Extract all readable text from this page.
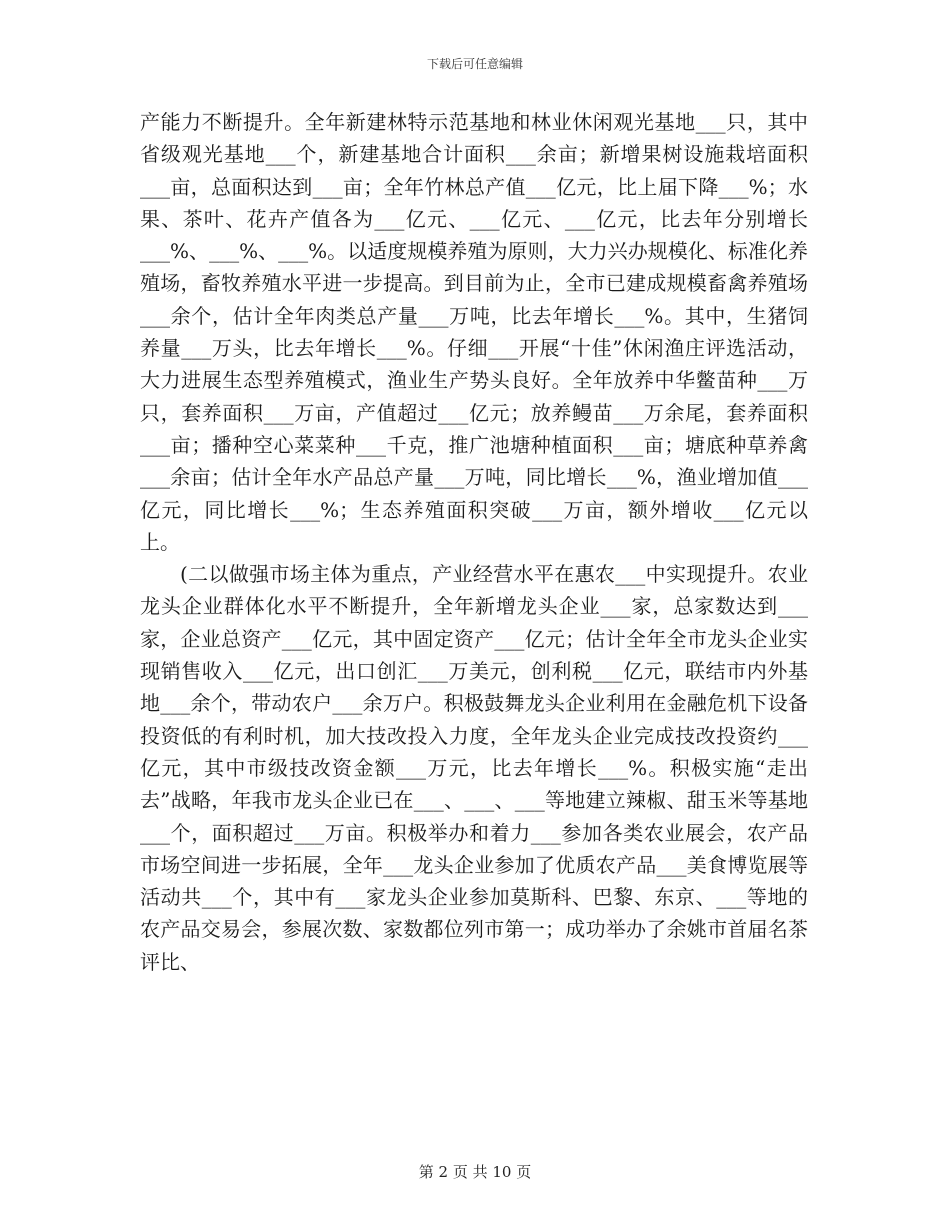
下载后可任意编辑

产能力不断提升。全年新建林特示范基地和林业休闲观光基地___只，其中省级观光基地___个，新建基地合计面积___余亩；新增果树设施栽培面积___亩，总面积达到___亩；全年竹林总产值___亿元，比上届下降___%；水果、茶叶、花卉产值各为___亿元、___亿元、___亿元，比去年分别增长___%、___%、___%。以适度规模养殖为原则，大力兴办规模化、标准化养殖场，畜牧养殖水平进一步提高。到目前为止，全市已建成规模畜禽养殖场___余个，估计全年肉类总产量___万吨，比去年增长___%。其中，生猪饲养量___万头，比去年增长___%。仔细___开展“十佳”休闲渔庄评选活动，大力进展生态型养殖模式，渔业生产势头良好。全年放养中华鳖苗种___万只，套养面积___万亩，产值超过___亿元；放养鳗苗___万余尾，套养面积___亩；播种空心菜菜种___千克，推广池塘种植面积___亩；塘底种草养禽___余亩；估计全年水产品总产量___万吨，同比增长___%，渔业增加值___亿元，同比增长___%；生态养殖面积突破___万亩，额外增收___亿元以上。

(二以做强市场主体为重点，产业经营水平在惠农___中实现提升。农业龙头企业群体化水平不断提升，全年新增龙头企业___家，总家数达到___家，企业总资产___亿元，其中固定资产___亿元；估计全年全市龙头企业实现销售收入___亿元，出口创汇___万美元，创利税___亿元，联结市内外基地___余个，带动农户___余万户。积极鼓舞龙头企业利用在金融危机下设备投资低的有利时机，加大技改投入力度，全年龙头企业完成技改投资约___亿元，其中市级技改资金额___万元，比去年增长___%。积极实施“走出去”战略，年我市龙头企业已在___、___、___等地建立辣椒、甜玉米等基地___个，面积超过___万亩。积极举办和着力___参加各类农业展会，农产品市场空间进一步拓展，全年___龙头企业参加了优质农产品___美食博览展等活动共___个，其中有___家龙头企业参加莫斯科、巴黎、东京、___等地的农产品交易会，参展次数、家数都位列市第一；成功举办了余姚市首届名茶评比、

第 2 页 共 10 页
